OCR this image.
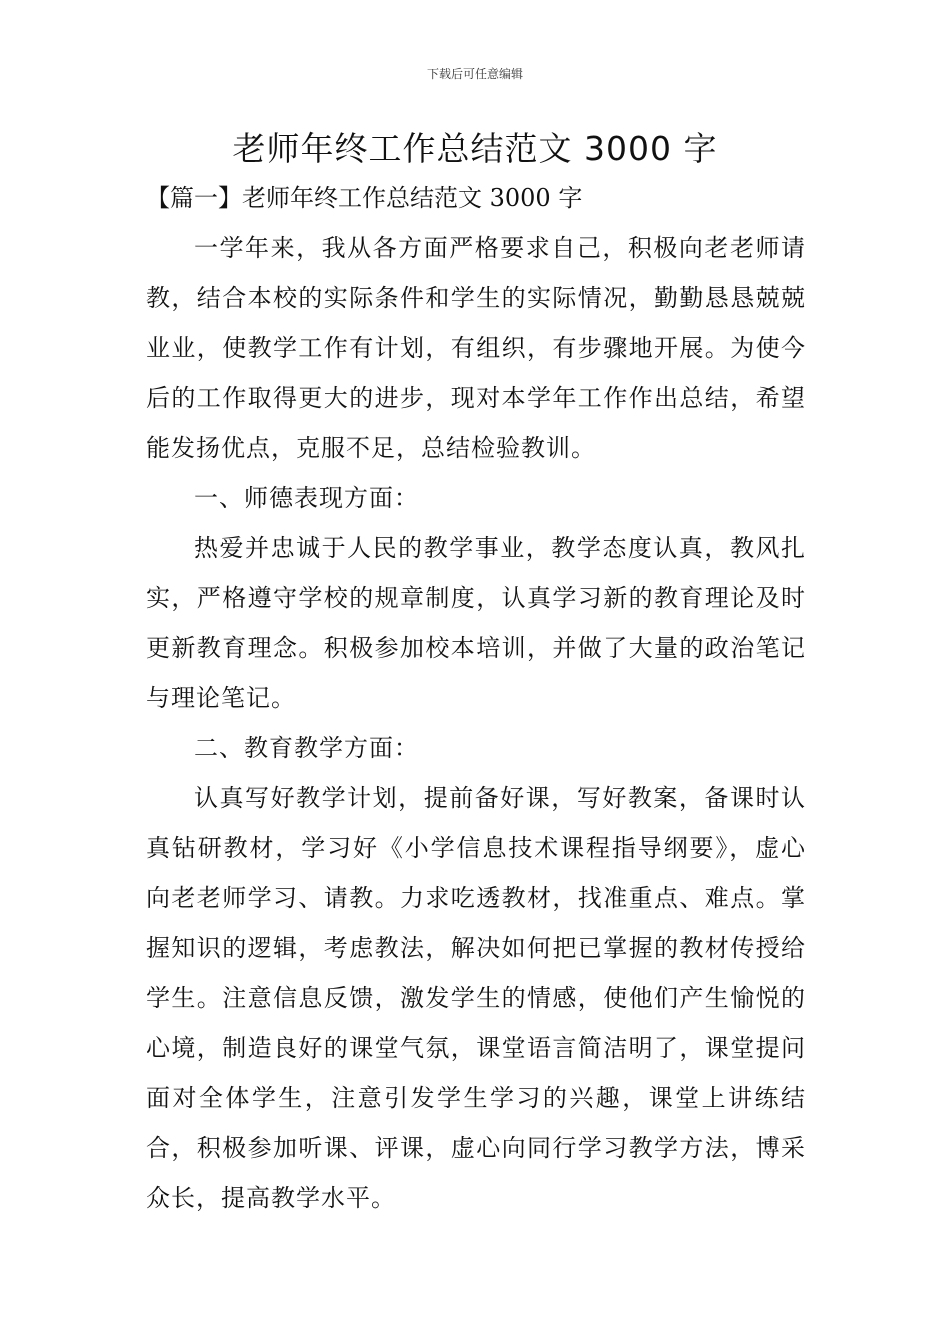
下载后可任意编辑
老师年终工作总结范文 3000 字
【篇一】老师年终工作总结范文 3000 字

一学年来，我从各方面严格要求自己，积极向老老师请教，结合本校的实际条件和学生的实际情况，勤勤恳恳兢兢业业，使教学工作有计划，有组织，有步骤地开展。为使今后的工作取得更大的进步，现对本学年工作作出总结，希望能发扬优点，克服不足，总结检验教训。

一、师德表现方面：

热爱并忠诚于人民的教学事业，教学态度认真，教风扎实，严格遵守学校的规章制度，认真学习新的教育理论及时更新教育理念。积极参加校本培训，并做了大量的政治笔记与理论笔记。

二、教育教学方面：

认真写好教学计划，提前备好课，写好教案，备课时认真钻研教材，学习好《小学信息技术课程指导纲要》，虚心向老老师学习、请教。力求吃透教材，找准重点、难点。掌握知识的逻辑，考虑教法，解决如何把已掌握的教材传授给学生。注意信息反馈，激发学生的情感，使他们产生愉悦的心境，制造良好的课堂气氛，课堂语言简洁明了，课堂提问面对全体学生，注意引发学生学习的兴趣，课堂上讲练结合，积极参加听课、评课，虚心向同行学习教学方法，博采众长，提高教学水平。
